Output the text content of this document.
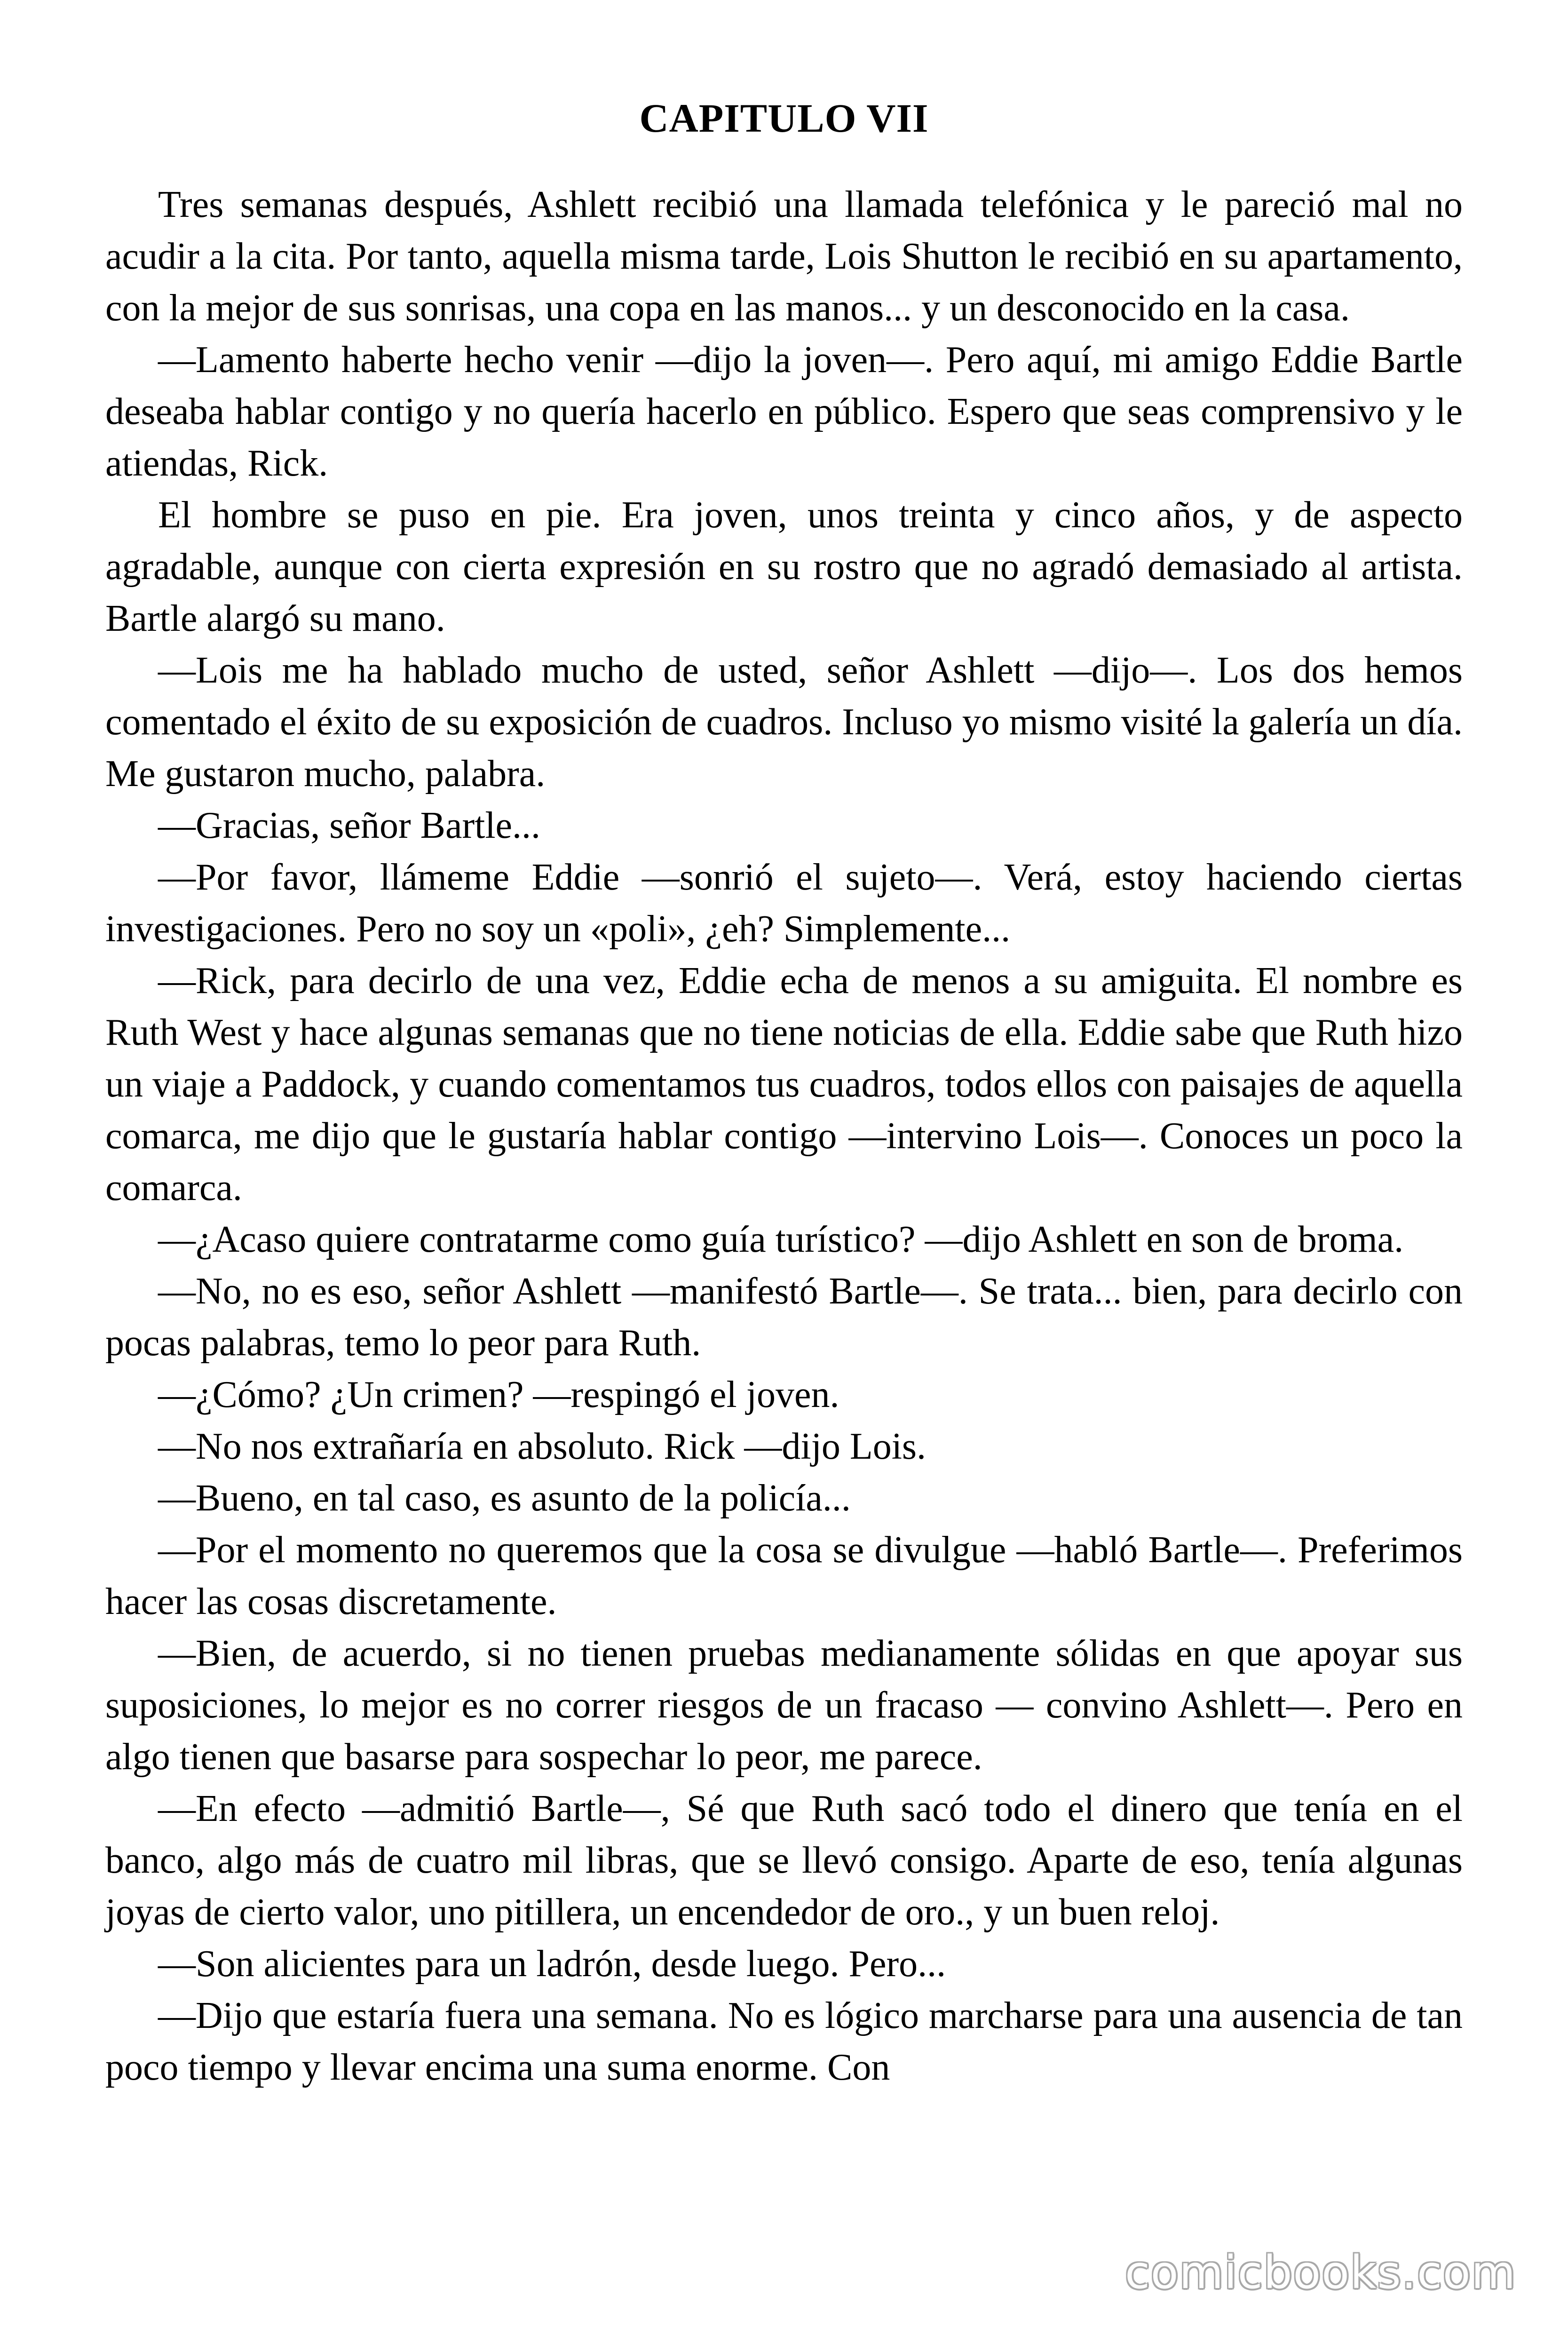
CAPITULO VII

Tres semanas después, Ashlett recibió una llamada telefónica y le pareció mal no acudir a la cita. Por tanto, aquella misma tarde, Lois Shutton le recibió en su apartamento, con la mejor de sus sonrisas, una copa en las manos... y un desconocido en la casa.

—Lamento haberte hecho venir —dijo la joven—. Pero aquí, mi amigo Eddie Bartle deseaba hablar contigo y no quería hacerlo en público. Espero que seas comprensivo y le atiendas, Rick.

El hombre se puso en pie. Era joven, unos treinta y cinco años, y de aspecto agradable, aunque con cierta expresión en su rostro que no agradó demasiado al artista. Bartle alargó su mano.

—Lois me ha hablado mucho de usted, señor Ashlett —dijo—. Los dos hemos comentado el éxito de su exposición de cuadros. Incluso yo mismo visité la galería un día. Me gustaron mucho, palabra.

—Gracias, señor Bartle...

—Por favor, llámeme Eddie —sonrió el sujeto—. Verá, estoy haciendo ciertas investigaciones. Pero no soy un «poli», ¿eh? Simplemente...

—Rick, para decirlo de una vez, Eddie echa de menos a su amiguita. El nombre es Ruth West y hace algunas semanas que no tiene noticias de ella. Eddie sabe que Ruth hizo un viaje a Paddock, y cuando comentamos tus cuadros, todos ellos con paisajes de aquella comarca, me dijo que le gustaría hablar contigo —intervino Lois—. Conoces un poco la comarca.

—¿Acaso quiere contratarme como guía turístico? —dijo Ashlett en son de broma.

—No, no es eso, señor Ashlett —manifestó Bartle—. Se trata... bien, para decirlo con pocas palabras, temo lo peor para Ruth.

—¿Cómo? ¿Un crimen? —respingó el joven.

—No nos extrañaría en absoluto. Rick —dijo Lois.

—Bueno, en tal caso, es asunto de la policía...

—Por el momento no queremos que la cosa se divulgue —habló Bartle—. Preferimos hacer las cosas discretamente.

—Bien, de acuerdo, si no tienen pruebas medianamente sólidas en que apoyar sus suposiciones, lo mejor es no correr riesgos de un fracaso — convino Ashlett—. Pero en algo tienen que basarse para sospechar lo peor, me parece.

—En efecto —admitió Bartle—, Sé que Ruth sacó todo el dinero que tenía en el banco, algo más de cuatro mil libras, que se llevó consigo. Aparte de eso, tenía algunas joyas de cierto valor, uno pitillera, un encendedor de oro., y un buen reloj.

—Son alicientes para un ladrón, desde luego. Pero...

—Dijo que estaría fuera una semana. No es lógico marcharse para una ausencia de tan poco tiempo y llevar encima una suma enorme. Con

comicbooks.com
